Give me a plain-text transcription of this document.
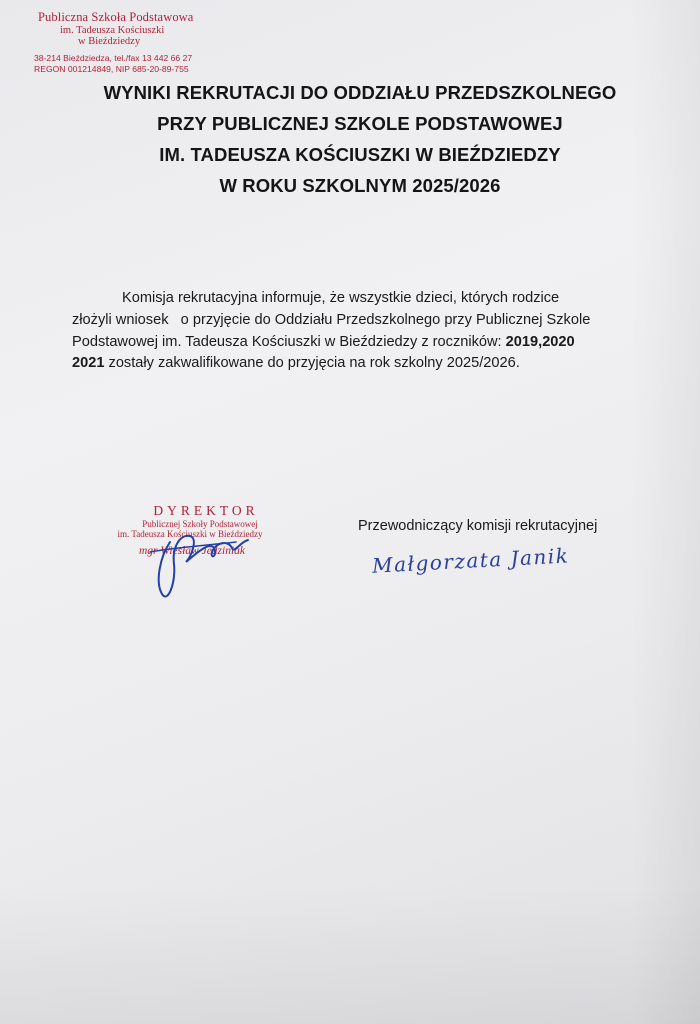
Publiczna Szkoła Podstawowa
im. Tadeusza Kościuszki
w Bieździedzy
38-214 Bieździedza, tel./fax 13 442 66 27
REGON 001214849, NIP 685-20-89-755
WYNIKI REKRUTACJI DO ODDZIAŁU PRZEDSZKOLNEGO
PRZY PUBLICZNEJ SZKOLE PODSTAWOWEJ
IM. TADEUSZA KOŚCIUSZKI W BIEŹDZIEDZY
W ROKU SZKOLNYM 2025/2026
Komisja rekrutacyjna informuje, że wszystkie dzieci, których rodzice
złożyli wniosek   o przyjęcie do Oddziału Przedszkolnego przy Publicznej Szkole
Podstawowej im. Tadeusza Kościuszki w Bieździedzy z roczników: 2019,2020
2021 zostały zakwalifikowane do przyjęcia na rok szkolny 2025/2026.
DYREKTOR
Publicznej Szkoły Podstawowej
im. Tadeusza Kościuszki w Bieździedzy
mgr Wiesław Jedziniak
Przewodniczący komisji rekrutacyjnej
Małgorzata Janik
